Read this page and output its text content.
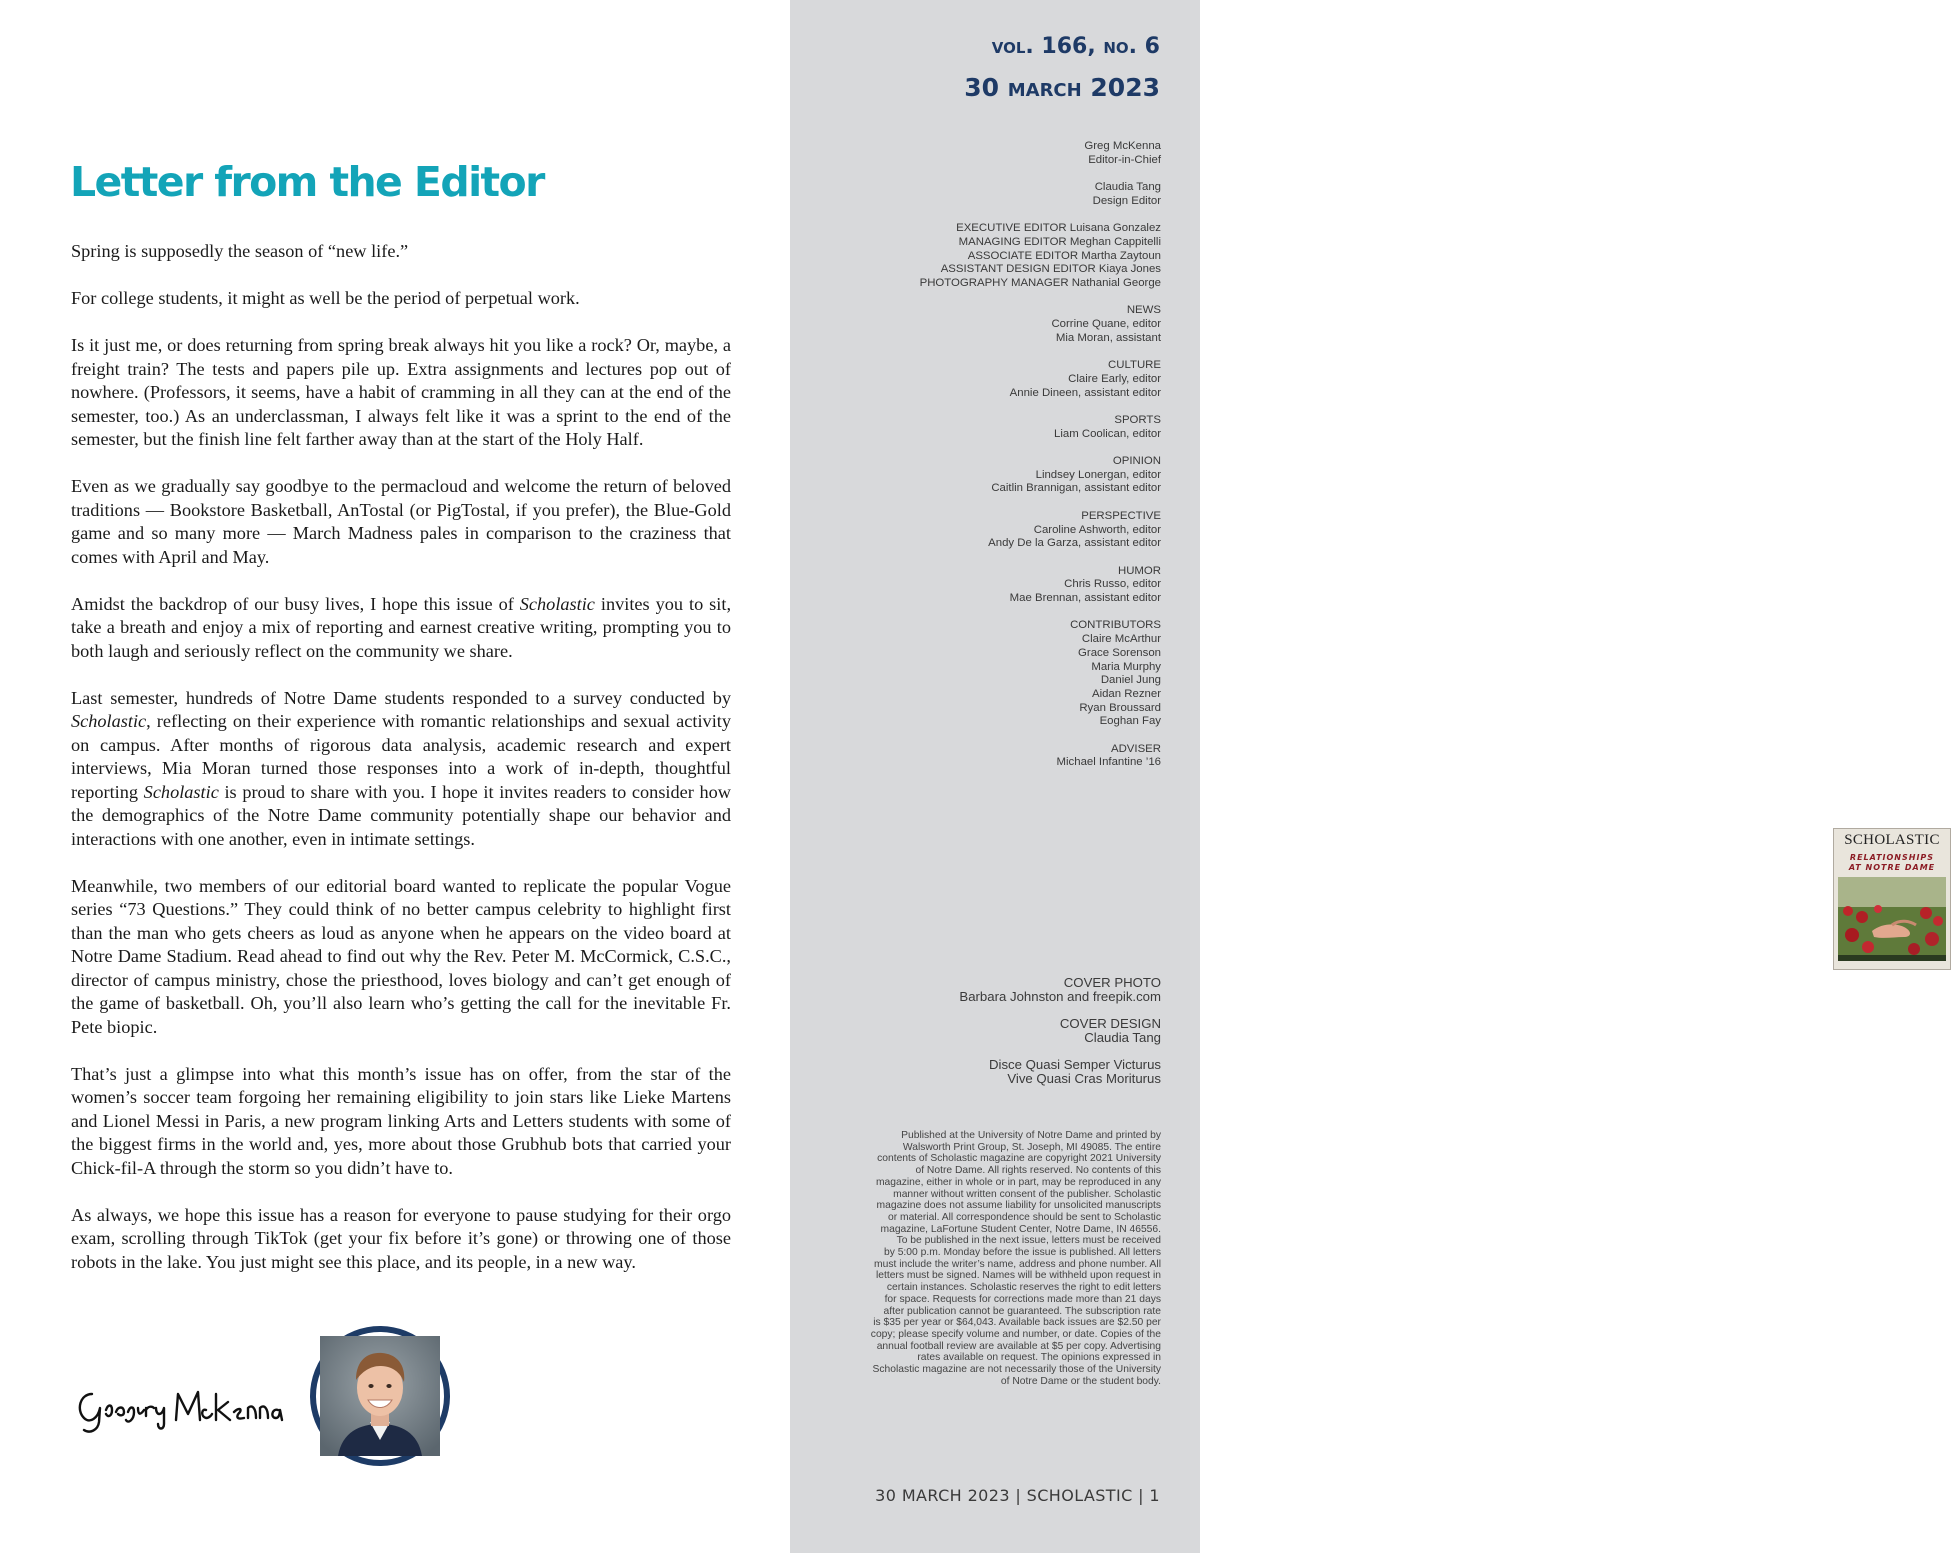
Letter from the Editor

Spring is supposedly the season of “new life.”

For college students, it might as well be the period of perpetual work.

Is it just me, or does returning from spring break always hit you like a rock? Or, maybe, a freight train? The tests and papers pile up. Extra assignments and lectures pop out of nowhere. (Professors, it seems, have a habit of cramming in all they can at the end of the semester, too.) As an underclassman, I always felt like it was a sprint to the end of the semester, but the finish line felt farther away than at the start of the Holy Half.

Even as we gradually say goodbye to the permacloud and welcome the return of beloved traditions — Bookstore Basketball, AnTostal (or PigTostal, if you prefer), the Blue-Gold game and so many more — March Madness pales in comparison to the craziness that comes with April and May.

Amidst the backdrop of our busy lives, I hope this issue of Scholastic invites you to sit, take a breath and enjoy a mix of reporting and earnest creative writing, prompting you to both laugh and seriously reflect on the community we share.

Last semester, hundreds of Notre Dame students responded to a survey conducted by Scholastic, reflecting on their experience with romantic relationships and sexual activity on campus. After months of rigorous data analysis, academic research and expert interviews, Mia Moran turned those responses into a work of in-depth, thoughtful reporting Scholastic is proud to share with you. I hope it invites readers to consider how the demographics of the Notre Dame community potentially shape our behavior and interactions with one another, even in intimate settings.

Meanwhile, two members of our editorial board wanted to replicate the popular Vogue series “73 Questions.” They could think of no better campus celebrity to highlight first than the man who gets cheers as loud as anyone when he appears on the video board at Notre Dame Stadium. Read ahead to find out why the Rev. Peter M. McCormick, C.S.C., director of campus ministry, chose the priesthood, loves biology and can’t get enough of the game of basketball. Oh, you’ll also learn who’s getting the call for the inevitable Fr. Pete biopic.

That’s just a glimpse into what this month’s issue has on offer, from the star of the women’s soccer team forgoing her remaining eligibility to join stars like Lieke Martens and Lionel Messi in Paris, a new program linking Arts and Letters students with some of the biggest firms in the world and, yes, more about those Grubhub bots that carried your Chick-fil-A through the storm so you didn’t have to.

As always, we hope this issue has a reason for everyone to pause studying for their orgo exam, scrolling through TikTok (get your fix before it’s gone) or throwing one of those robots in the lake. You just might see this place, and its people, in a new way.

vol. 166, no. 6
30 march 2023
Greg McKenna
Editor-in-Chief
Claudia Tang
Design Editor
EXECUTIVE EDITOR Luisana Gonzalez
MANAGING EDITOR Meghan Cappitelli
ASSOCIATE EDITOR Martha Zaytoun
ASSISTANT DESIGN EDITOR Kiaya Jones
PHOTOGRAPHY MANAGER Nathanial George
NEWS
Corrine Quane, editor
Mia Moran, assistant
CULTURE
Claire Early, editor
Annie Dineen, assistant editor
SPORTS
Liam Coolican, editor
OPINION
Lindsey Lonergan, editor
Caitlin Brannigan, assistant editor
PERSPECTIVE
Caroline Ashworth, editor
Andy De la Garza, assistant editor
HUMOR
Chris Russo, editor
Mae Brennan, assistant editor
CONTRIBUTORS
Claire McArthur
Grace Sorenson
Maria Murphy
Daniel Jung
Aidan Rezner
Ryan Broussard
Eoghan Fay
ADVISER
Michael Infantine ’16
SCHOLASTIC
RELATIONSHIPS
AT NOTRE DAME
COVER PHOTO
Barbara Johnston and freepik.com
COVER DESIGN
Claudia Tang
Disce Quasi Semper Victurus
Vive Quasi Cras Moriturus
Published at the University of Notre Dame and printed by
Walsworth Print Group, St. Joseph, MI 49085. The entire
contents of Scholastic magazine are copyright 2021 University
of Notre Dame. All rights reserved. No contents of this
magazine, either in whole or in part, may be reproduced in any
manner without written consent of the publisher. Scholastic
magazine does not assume liability for unsolicited manuscripts
or material. All correspondence should be sent to Scholastic
magazine, LaFortune Student Center, Notre Dame, IN 46556.
To be published in the next issue, letters must be received
by 5:00 p.m. Monday before the issue is published. All letters
must include the writer’s name, address and phone number. All
letters must be signed. Names will be withheld upon request in
certain instances. Scholastic reserves the right to edit letters
for space. Requests for corrections made more than 21 days
after publication cannot be guaranteed. The subscription rate
is $35 per year or $64,043. Available back issues are $2.50 per
copy; please specify volume and number, or date. Copies of the
annual football review are available at $5 per copy. Advertising
rates available on request. The opinions expressed in
Scholastic magazine are not necessarily those of the University
of Notre Dame or the student body.
30 MARCH 2023 | SCHOLASTIC | 1
